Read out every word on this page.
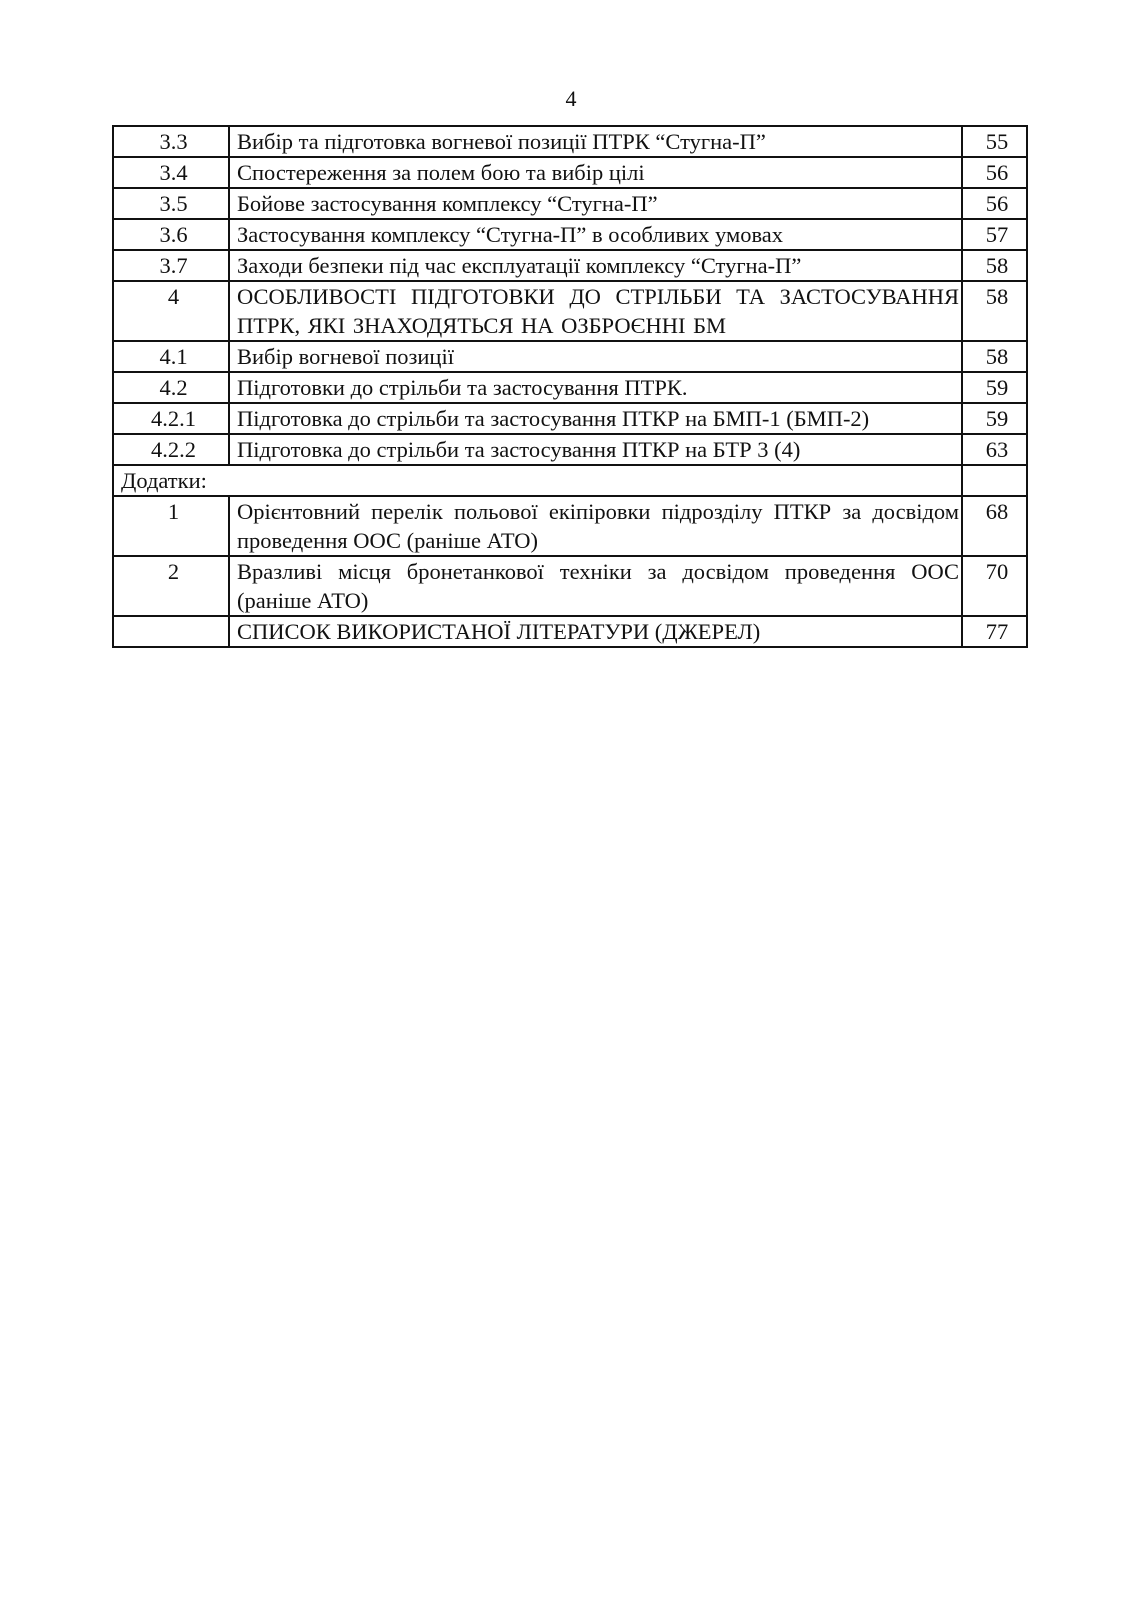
4
3.3	Вибір та підготовка вогневої позиції ПТРК “Стугна-П”	55
3.4	Спостереження за полем бою та вибір цілі	56
3.5	Бойове застосування комплексу “Стугна-П”	56
3.6	Застосування комплексу “Стугна-П” в особливих умовах	57
3.7	Заходи безпеки під час експлуатації комплексу “Стугна-П”	58
4	ОСОБЛИВОСТІ ПІДГОТОВКИ ДО СТРІЛЬБИ ТА ЗАСТОСУВАННЯ ПТРК, ЯКІ ЗНАХОДЯТЬСЯ НА ОЗБРОЄННІ БМ	58
4.1	Вибір вогневої позиції	58
4.2	Підготовки до стрільби та застосування ПТРК.	59
4.2.1	Підготовка до стрільби та застосування ПТКР на БМП-1 (БМП-2)	59
4.2.2	Підготовка до стрільби та застосування ПТКР на БТР 3 (4)	63
Додатки:		
1	Орієнтовний перелік польової екіпіровки підрозділу ПТКР за досвідом проведення ООС (раніше АТО)	68
2	Вразливі місця бронетанкової техніки за досвідом проведення ООС (раніше АТО)	70
	СПИСОК ВИКОРИСТАНОЇ ЛІТЕРАТУРИ (ДЖЕРЕЛ)	77
